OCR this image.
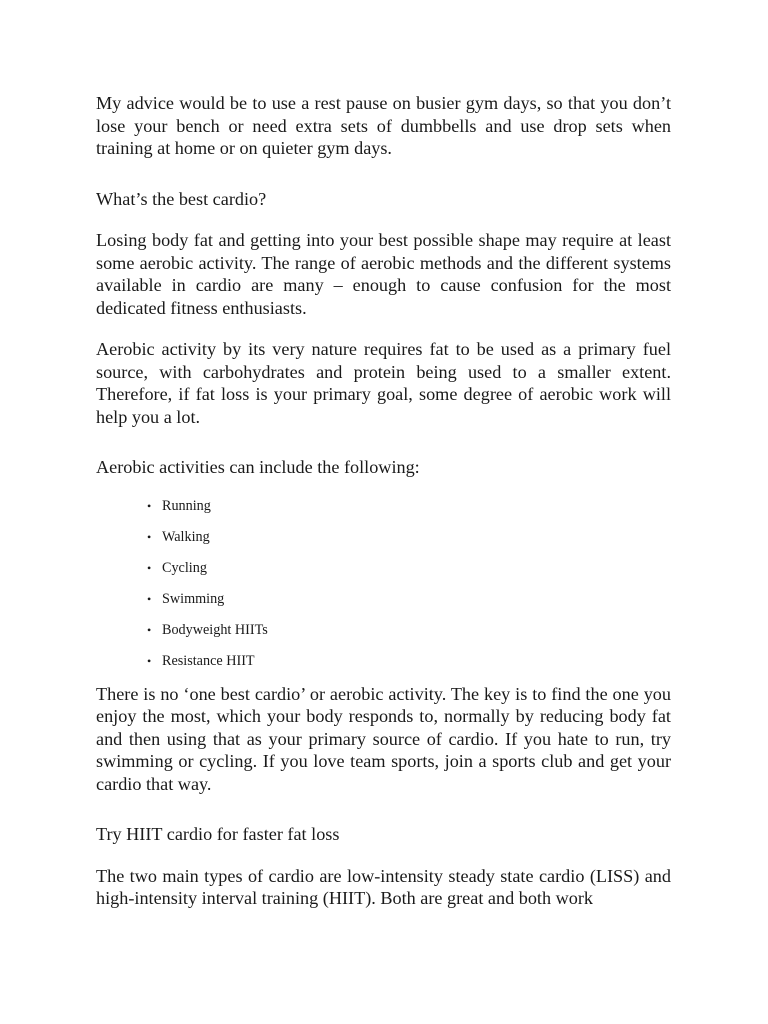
My advice would be to use a rest pause on busier gym days, so that you don’t lose your bench or need extra sets of dumbbells and use drop sets when training at home or on quieter gym days.

What’s the best cardio?

Losing body fat and getting into your best possible shape may require at least some aerobic activity. The range of aerobic methods and the different systems available in cardio are many – enough to cause confusion for the most dedicated fitness enthusiasts.

Aerobic activity by its very nature requires fat to be used as a primary fuel source, with carbohydrates and protein being used to a smaller extent. Therefore, if fat loss is your primary goal, some degree of aerobic work will help you a lot.

Aerobic activities can include the following:

• Running
• Walking
• Cycling
• Swimming
• Bodyweight HIITs
• Resistance HIIT

There is no ‘one best cardio’ or aerobic activity. The key is to find the one you enjoy the most, which your body responds to, normally by reducing body fat and then using that as your primary source of cardio. If you hate to run, try swimming or cycling. If you love team sports, join a sports club and get your cardio that way.

Try HIIT cardio for faster fat loss

The two main types of cardio are low-intensity steady state cardio (LISS) and high-intensity interval training (HIIT). Both are great and both work
